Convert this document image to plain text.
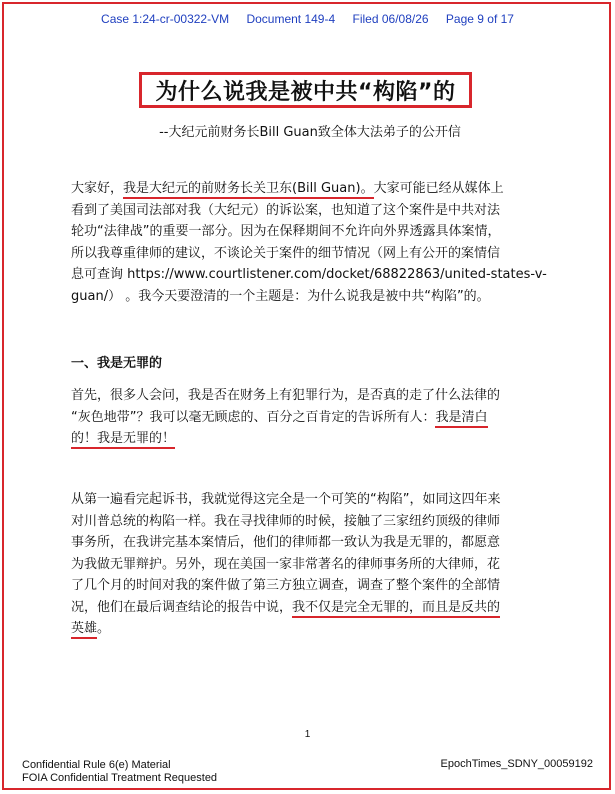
Case 1:24-cr-00322-VM Document 149-4 Filed 06/08/26 Page 9 of 17
为什么说我是被中共“构陷”的
--大纪元前财务长Bill Guan致全体大法弟子的公开信
大家好，我是大纪元的前财务长关卫东(Bill Guan)。大家可能已经从媒体上
看到了美国司法部对我（大纪元）的诉讼案，也知道了这个案件是中共对法
轮功“法律战”的重要一部分。因为在保释期间不允许向外界透露具体案情，
所以我尊重律师的建议，不谈论关于案件的细节情况（网上有公开的案情信
息可查询 https://www.courtlistener.com/docket/68822863/united-states-v-
guan/） 。我今天要澄清的一个主题是：为什么说我是被中共“构陷”的。
一、我是无罪的
首先，很多人会问，我是否在财务上有犯罪行为，是否真的走了什么法律的
“灰色地带”？我可以毫无顾虑的、百分之百肯定的告诉所有人：我是清白
的！我是无罪的！
从第一遍看完起诉书，我就觉得这完全是一个可笑的“构陷”，如同这四年来
对川普总统的构陷一样。我在寻找律师的时候，接触了三家纽约顶级的律师
事务所，在我讲完基本案情后，他们的律师都一致认为我是无罪的，都愿意
为我做无罪辩护。另外，现在美国一家非常著名的律师事务所的大律师，花
了几个月的时间对我的案件做了第三方独立调查，调查了整个案件的全部情
况，他们在最后调查结论的报告中说，我不仅是完全无罪的，而且是反共的
英雄。
1
Confidential Rule 6(e) Material
FOIA Confidential Treatment Requested
EpochTimes_SDNY_00059192
